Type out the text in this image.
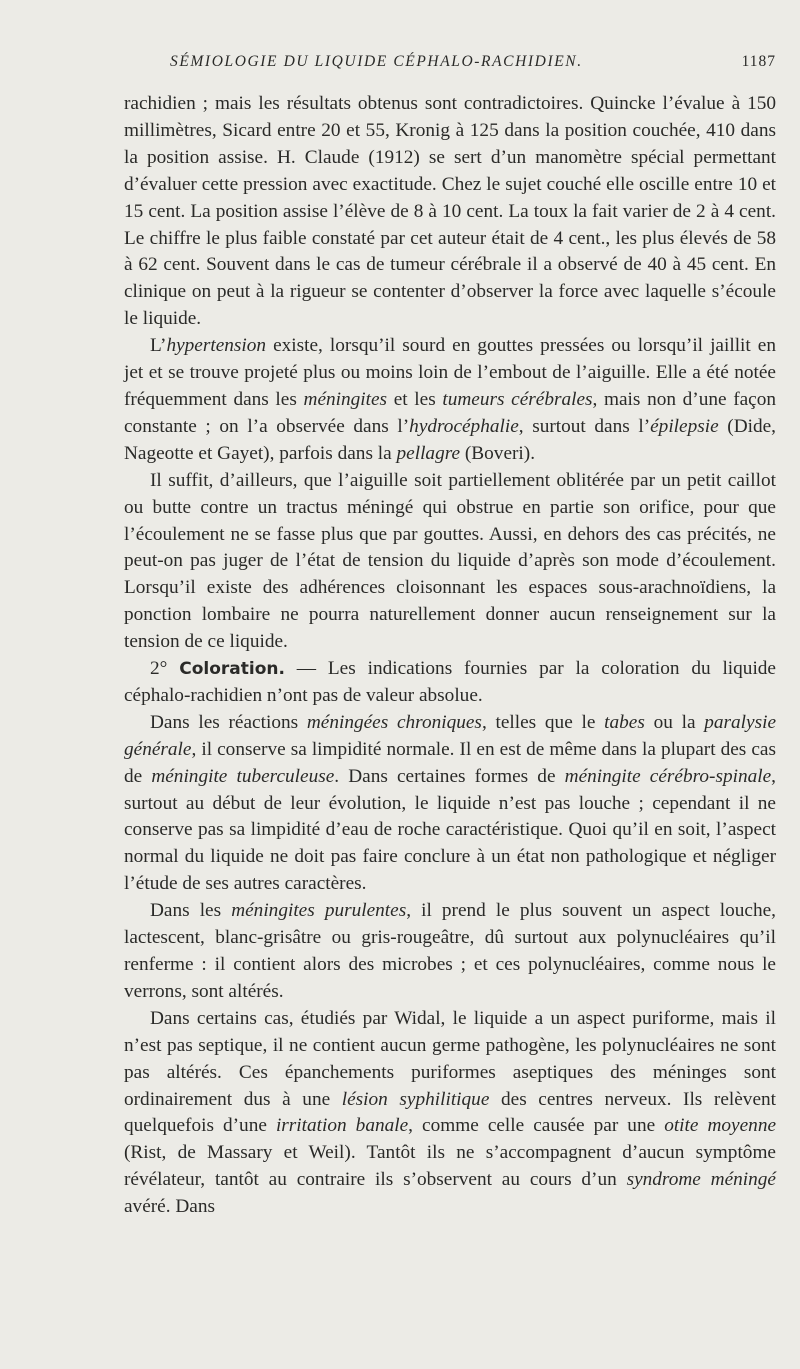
SÉMIOLOGIE DU LIQUIDE CÉPHALO-RACHIDIEN.	1187

rachidien ; mais les résultats obtenus sont contradictoires. Quincke l’évalue à 150 millimètres, Sicard entre 20 et 55, Kronig à 125 dans la position couchée, 410 dans la position assise. H. Claude (1912) se sert d’un manomètre spécial permettant d’évaluer cette pression avec exactitude. Chez le sujet couché elle oscille entre 10 et 15 cent. La position assise l’élève de 8 à 10 cent. La toux la fait varier de 2 à 4 cent. Le chiffre le plus faible constaté par cet auteur était de 4 cent., les plus élevés de 58 à 62 cent. Souvent dans le cas de tumeur cérébrale il a observé de 40 à 45 cent. En clinique on peut à la rigueur se contenter d’observer la force avec laquelle s’écoule le liquide.

L’hypertension existe, lorsqu’il sourd en gouttes pressées ou lorsqu’il jaillit en jet et se trouve projeté plus ou moins loin de l’embout de l’aiguille. Elle a été notée fréquemment dans les méningites et les tumeurs cérébrales, mais non d’une façon constante ; on l’a observée dans l’hydrocéphalie, surtout dans l’épilepsie (Dide, Nageotte et Gayet), parfois dans la pellagre (Boveri).

Il suffit, d’ailleurs, que l’aiguille soit partiellement oblitérée par un petit caillot ou butte contre un tractus méningé qui obstrue en partie son orifice, pour que l’écoulement ne se fasse plus que par gouttes. Aussi, en dehors des cas précités, ne peut-on pas juger de l’état de tension du liquide d’après son mode d’écoulement. Lorsqu’il existe des adhérences cloisonnant les espaces sous-arachnoïdiens, la ponction lombaire ne pourra naturellement donner aucun renseignement sur la tension de ce liquide.

2° Coloration. — Les indications fournies par la coloration du liquide céphalo-rachidien n’ont pas de valeur absolue.

Dans les réactions méningées chroniques, telles que le tabes ou la paralysie générale, il conserve sa limpidité normale. Il en est de même dans la plupart des cas de méningite tuberculeuse. Dans certaines formes de méningite cérébro-spinale, surtout au début de leur évolution, le liquide n’est pas louche ; cependant il ne conserve pas sa limpidité d’eau de roche caractéristique. Quoi qu’il en soit, l’aspect normal du liquide ne doit pas faire conclure à un état non pathologique et négliger l’étude de ses autres caractères.

Dans les méningites purulentes, il prend le plus souvent un aspect louche, lactescent, blanc-grisâtre ou gris-rougeâtre, dû surtout aux polynucléaires qu’il renferme : il contient alors des microbes ; et ces polynucléaires, comme nous le verrons, sont altérés.

Dans certains cas, étudiés par Widal, le liquide a un aspect puriforme, mais il n’est pas septique, il ne contient aucun germe pathogène, les polynucléaires ne sont pas altérés. Ces épanchements puriformes aseptiques des méninges sont ordinairement dus à une lésion syphilitique des centres nerveux. Ils relèvent quelquefois d’une irritation banale, comme celle causée par une otite moyenne (Rist, de Massary et Weil). Tantôt ils ne s’accompagnent d’aucun symptôme révélateur, tantôt au contraire ils s’observent au cours d’un syndrome méningé avéré. Dans
